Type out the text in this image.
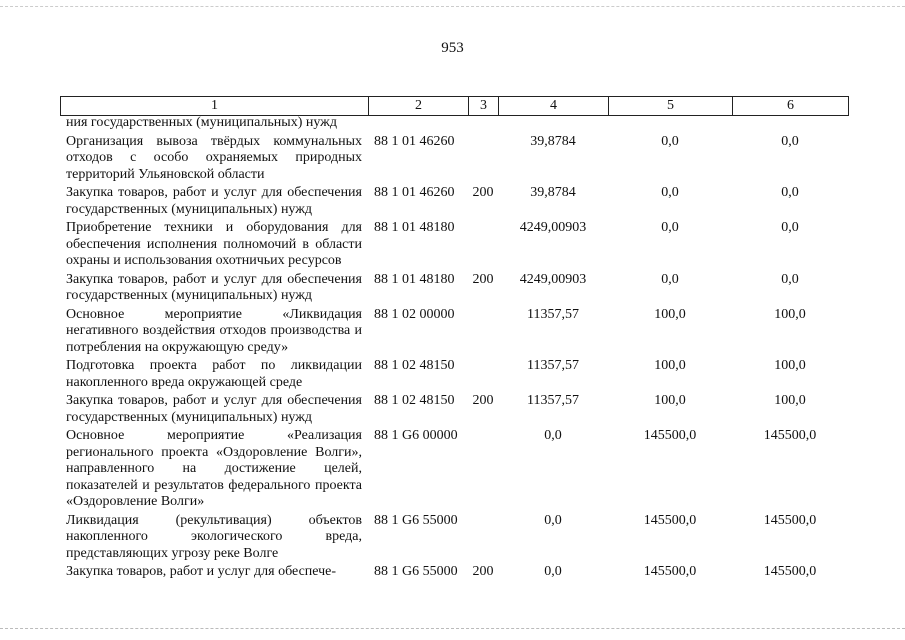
953
1	2	3	4	5	6
ния государственных (муниципальных) нужд					
Организация вывоза твёрдых коммунальных отходов с особо охраняемых природных территорий Ульяновской области	88 1 01 46260		39,8784	0,0	0,0
Закупка товаров, работ и услуг для обеспечения государственных (муниципальных) нужд	88 1 01 46260	200	39,8784	0,0	0,0
Приобретение техники и оборудования для обеспечения исполнения полномочий в области охраны и использования охотничьих ресурсов	88 1 01 48180		4249,00903	0,0	0,0
Закупка товаров, работ и услуг для обеспечения государственных (муниципальных) нужд	88 1 01 48180	200	4249,00903	0,0	0,0
Основное мероприятие «Ликвидация негативного воздействия отходов производства и потребления на окружающую среду»	88 1 02 00000		11357,57	100,0	100,0
Подготовка проекта работ по ликвидации накопленного вреда окружающей среде	88 1 02 48150		11357,57	100,0	100,0
Закупка товаров, работ и услуг для обеспечения государственных (муниципальных) нужд	88 1 02 48150	200	11357,57	100,0	100,0
Основное мероприятие «Реализация регионального проекта «Оздоровление Волги», направленного на достижение целей, показателей и результатов федерального проекта «Оздоровление Волги»	88 1 G6 00000		0,0	145500,0	145500,0
Ликвидация (рекультивация) объектов накопленного экологического вреда, представляющих угрозу реке Волге	88 1 G6 55000		0,0	145500,0	145500,0
Закупка товаров, работ и услуг для обеспече-	88 1 G6 55000	200	0,0	145500,0	145500,0
